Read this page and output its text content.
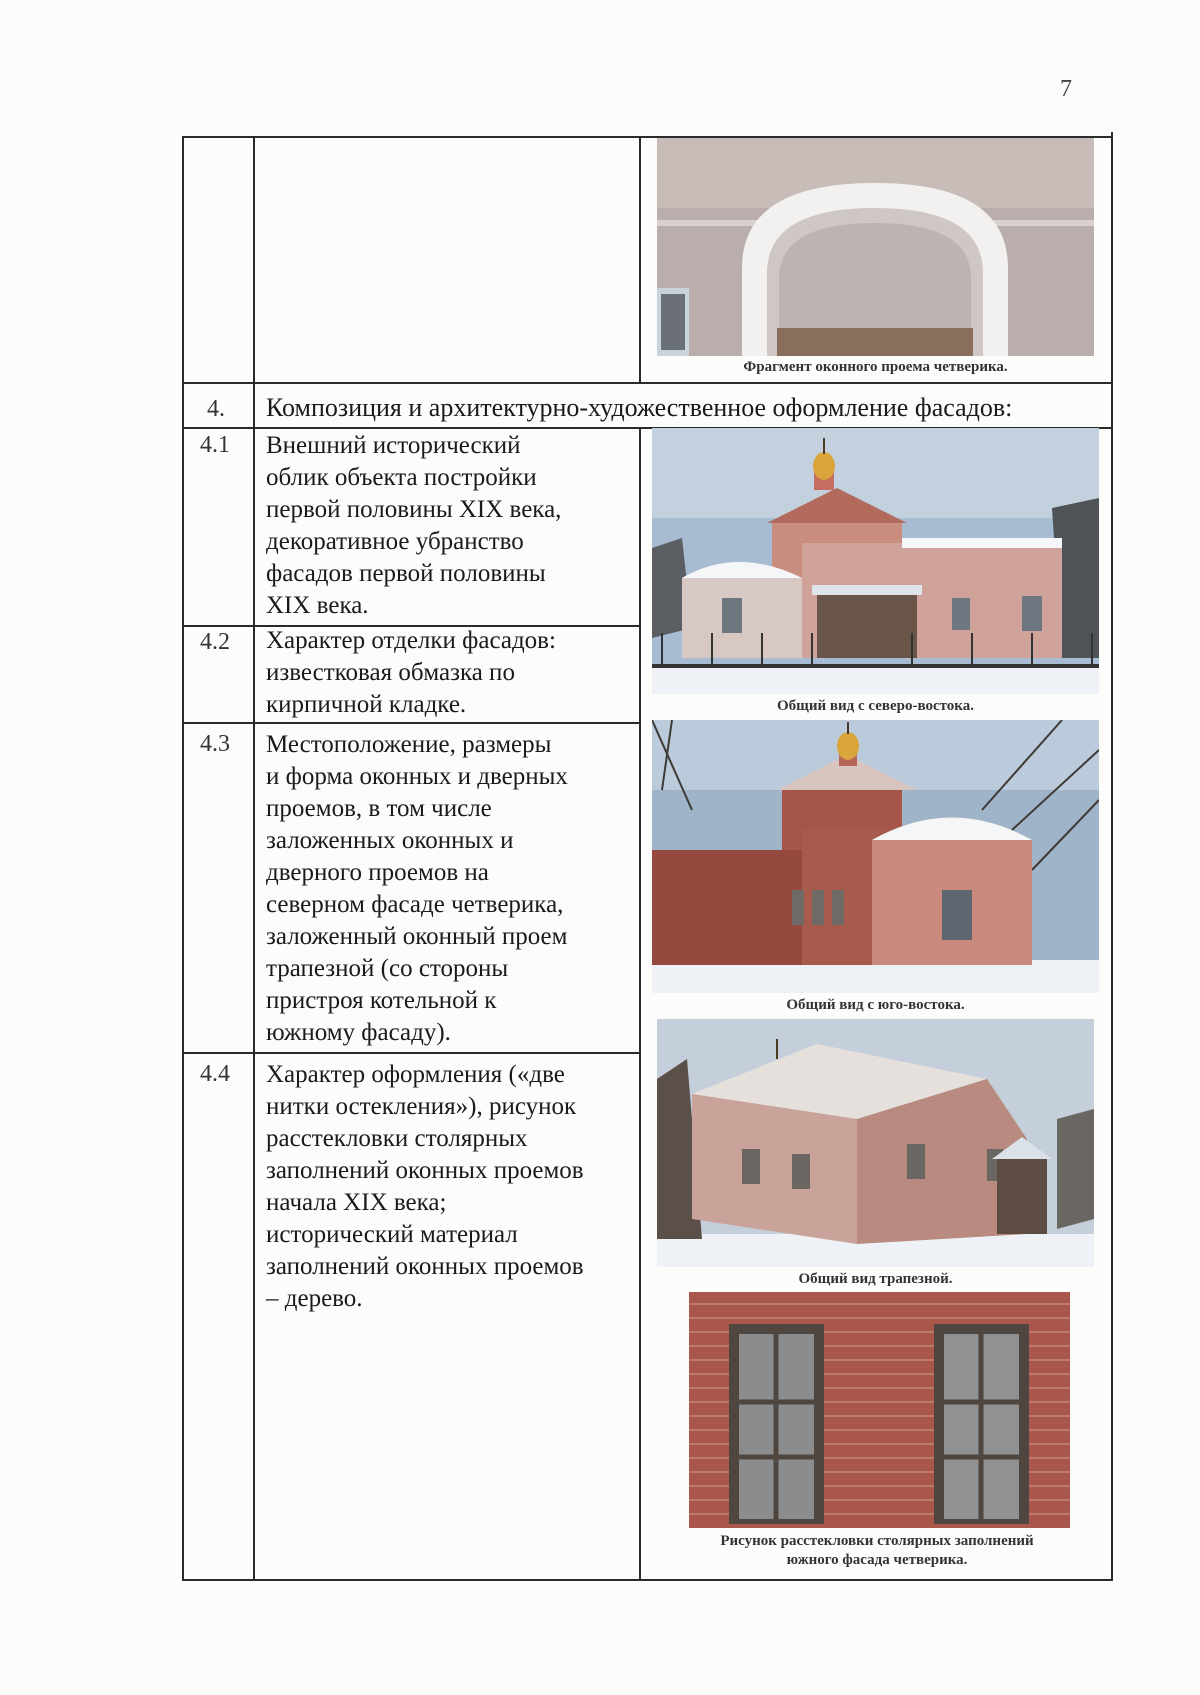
7
4. Композиция и архитектурно-художественное оформление фасадов:
4.1 Внешний исторический
облик объекта постройки
первой половины XIX века,
декоративное убранство
фасадов первой половины
XIX века.
4.2 Характер отделки фасадов:
известковая обмазка по
кирпичной кладке.
4.3 Местоположение, размеры
и форма оконных и дверных
проемов, в том числе
заложенных оконных и
дверного проемов на
северном фасаде четверика,
заложенный оконный проем
трапезной (со стороны
пристроя котельной к
южному фасаду).
4.4 Характер оформления («две
нитки остекления»), рисунок
расстекловки столярных
заполнений оконных проемов
начала XIX века;
исторический материал
заполнений оконных проемов
– дерево.
Фрагмент оконного проема четверика.
Общий вид с северо-востока.
Общий вид с юго-востока.
Общий вид трапезной.
Рисунок расстекловки столярных заполнений
южного фасада четверика.
